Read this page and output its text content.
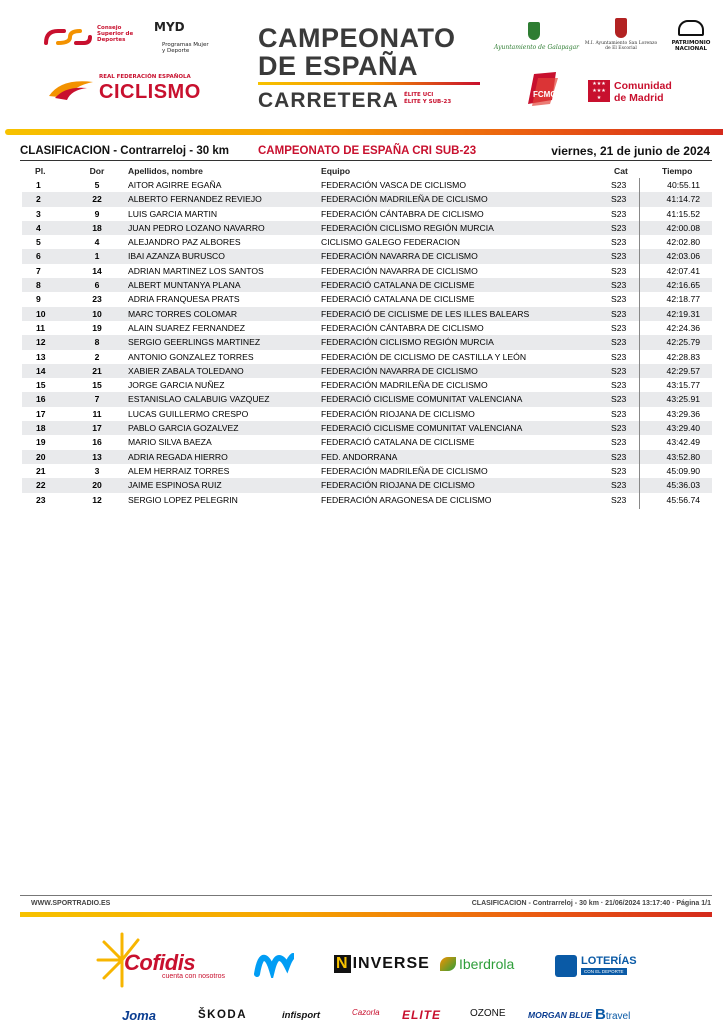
Consejo Superior de Deportes
MYD
Programas Mujer y Deporte
REAL FEDERACIÓN ESPAÑOLA
CICLISMO
CAMPEONATO
DE ESPAÑA
CARRETERA ÉLITE UCI
ÉLITE Y SUB-23
Ayuntamiento de Galapagar
M.I. Ayuntamiento San Lorenzo de El Escorial
PATRIMONIO
NACIONAL
FCMC
★★★
★★★
★
Comunidad
de Madrid
CLASIFICACION - Contrarreloj - 30 km	CAMPEONATO DE ESPAÑA CRI SUB-23	viernes, 21 de junio de 2024
Pl.	Dor	Apellidos, nombre	Equipo	Cat	Tiempo
1	5	AITOR AGIRRE EGAÑA	FEDERACIÓN VASCA DE CICLISMO	S23	40:55.11
2	22	ALBERTO FERNANDEZ REVIEJO	FEDERACIÓN MADRILEÑA DE CICLISMO	S23	41:14.72
3	9	LUIS GARCIA MARTIN	FEDERACIÓN CÁNTABRA DE CICLISMO	S23	41:15.52
4	18	JUAN PEDRO LOZANO NAVARRO	FEDERACIÓN CICLISMO REGIÓN MURCIA	S23	42:00.08
5	4	ALEJANDRO PAZ ALBORES	CICLISMO GALEGO FEDERACION	S23	42:02.80
6	1	IBAI AZANZA BURUSCO	FEDERACIÓN NAVARRA DE CICLISMO	S23	42:03.06
7	14	ADRIAN MARTINEZ LOS SANTOS	FEDERACIÓN NAVARRA DE CICLISMO	S23	42:07.41
8	6	ALBERT MUNTANYA PLANA	FEDERACIÓ CATALANA DE CICLISME	S23	42:16.65
9	23	ADRIA FRANQUESA PRATS	FEDERACIÓ CATALANA DE CICLISME	S23	42:18.77
10	10	MARC TORRES COLOMAR	FEDERACIÓ DE CICLISME DE LES ILLES BALEARS	S23	42:19.31
11	19	ALAIN SUAREZ FERNANDEZ	FEDERACIÓN CÁNTABRA DE CICLISMO	S23	42:24.36
12	8	SERGIO GEERLINGS MARTINEZ	FEDERACIÓN CICLISMO REGIÓN MURCIA	S23	42:25.79
13	2	ANTONIO GONZALEZ TORRES	FEDERACIÓN DE CICLISMO DE CASTILLA Y LEÓN	S23	42:28.83
14	21	XABIER ZABALA TOLEDANO	FEDERACIÓN NAVARRA DE CICLISMO	S23	42:29.57
15	15	JORGE GARCIA NUÑEZ	FEDERACIÓN MADRILEÑA DE CICLISMO	S23	43:15.77
16	7	ESTANISLAO CALABUIG VAZQUEZ	FEDERACIÓ CICLISME COMUNITAT VALENCIANA	S23	43:25.91
17	11	LUCAS GUILLERMO CRESPO	FEDERACIÓN RIOJANA DE CICLISMO	S23	43:29.36
18	17	PABLO GARCIA GOZALVEZ	FEDERACIÓ CICLISME COMUNITAT VALENCIANA	S23	43:29.40
19	16	MARIO SILVA BAEZA	FEDERACIÓ CATALANA DE CICLISME	S23	43:42.49
20	13	ADRIA REGADA HIERRO	FED. ANDORRANA	S23	43:52.80
21	3	ALEM HERRAIZ TORRES	FEDERACIÓN MADRILEÑA DE CICLISMO	S23	45:09.90
22	20	JAIME ESPINOSA RUIZ	FEDERACIÓN RIOJANA DE CICLISMO	S23	45:36.03
23	12	SERGIO LOPEZ PELEGRIN	FEDERACIÓN ARAGONESA DE CICLISMO	S23	45:56.74
WWW.SPORTRADIO.ES	CLASIFICACION - Contrarreloj - 30 km · 21/06/2024 13:17:40 · Página 1/1
Cofidis
cuenta con nosotros
N INVERSE	Iberdrola	LOTERÍAS
CON EL DEPORTE
Joma	ŠKODA	infisport	Cazorla ELITE	OZONE	MORGAN BLUE Btravel
